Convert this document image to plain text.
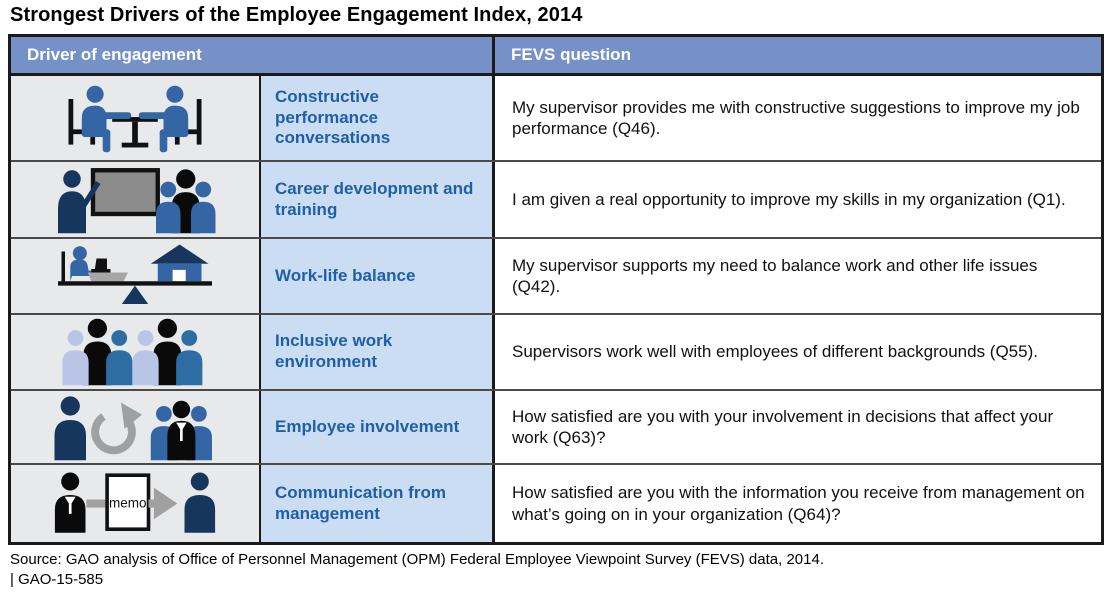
Strongest Drivers of the Employee Engagement Index, 2014
Driver of engagement	FEVS question
Constructive performance conversations
My supervisor provides me with constructive suggestions to improve my job performance (Q46).
Career development and training
I am given a real opportunity to improve my skills in my organization (Q1).
Work-life balance
My supervisor supports my need to balance work and other life issues (Q42).
Inclusive work environment
Supervisors work well with employees of different backgrounds (Q55).
Employee involvement
How satisfied are you with your involvement in decisions that affect your work (Q63)?
memo
Communication from management
How satisfied are you with the information you receive from management on what’s going on in your organization (Q64)?
Source: GAO analysis of Office of Personnel Management (OPM) Federal Employee Viewpoint Survey (FEVS) data, 2014.
| GAO-15-585
